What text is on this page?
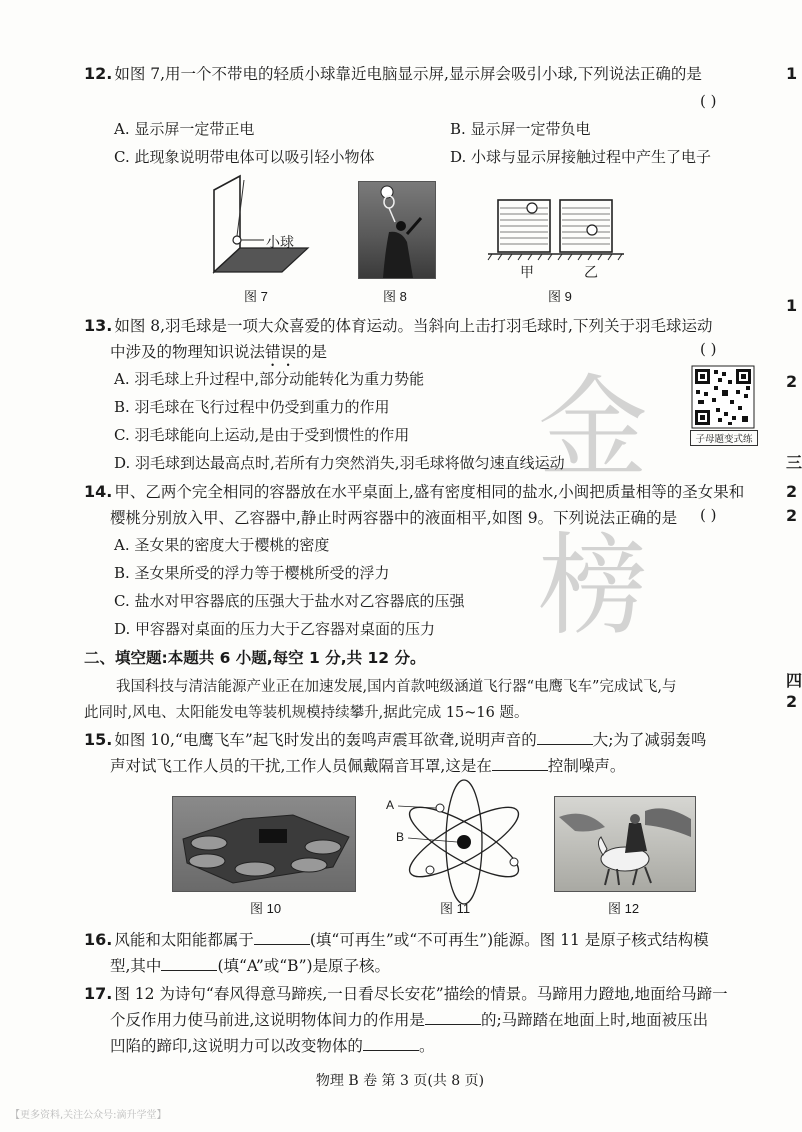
1
1
2
三
2
2
四
2
金榜
12. 如图 7,用一个不带电的轻质小球靠近电脑显示屏,显示屏会吸引小球,下列说法正确的是
( )
A. 显示屏一定带正电	B. 显示屏一定带负电
C. 此现象说明带电体可以吸引轻小物体	D. 小球与显示屏接触过程中产生了电子
小球
图 7	图 8
甲	乙
图 9
13. 如图 8,羽毛球是一项大众喜爱的体育运动。当斜向上击打羽毛球时,下列关于羽毛球运动
中涉及的物理知识说法错误的是	( )
A. 羽毛球上升过程中,部分动能转化为重力势能
B. 羽毛球在飞行过程中仍受到重力的作用
C. 羽毛球能向上运动,是由于受到惯性的作用
D. 羽毛球到达最高点时,若所有力突然消失,羽毛球将做匀速直线运动
子母题变式练
14. 甲、乙两个完全相同的容器放在水平桌面上,盛有密度相同的盐水,小闽把质量相等的圣女果和
樱桃分别放入甲、乙容器中,静止时两容器中的液面相平,如图 9。下列说法正确的是	( )
A. 圣女果的密度大于樱桃的密度
B. 圣女果所受的浮力等于樱桃所受的浮力
C. 盐水对甲容器底的压强大于盐水对乙容器底的压强
D. 甲容器对桌面的压力大于乙容器对桌面的压力
二、填空题:本题共 6 小题,每空 1 分,共 12 分。
我国科技与清洁能源产业正在加速发展,国内首款吨级涵道飞行器“电鹰飞车”完成试飞,与
此同时,风电、太阳能发电等装机规模持续攀升,据此完成 15~16 题。
15. 如图 10,“电鹰飞车”起飞时发出的轰鸣声震耳欲聋,说明声音的	大;为了减弱轰鸣
声对试飞工作人员的干扰,工作人员佩戴隔音耳罩,这是在	控制噪声。
图 10
A
B
图 11	图 12
16. 风能和太阳能都属于	(填“可再生”或“不可再生”)能源。图 11 是原子核式结构模
型,其中	(填“A”或“B”)是原子核。
17. 图 12 为诗句“春风得意马蹄疾,一日看尽长安花”描绘的情景。马蹄用力蹬地,地面给马蹄一
个反作用力使马前进,这说明物体间力的作用是	的;马蹄踏在地面上时,地面被压出
凹陷的蹄印,这说明力可以改变物体的	。
物理 B 卷 第 3 页(共 8 页)
【更多资料,关注公众号:滴升学堂】
